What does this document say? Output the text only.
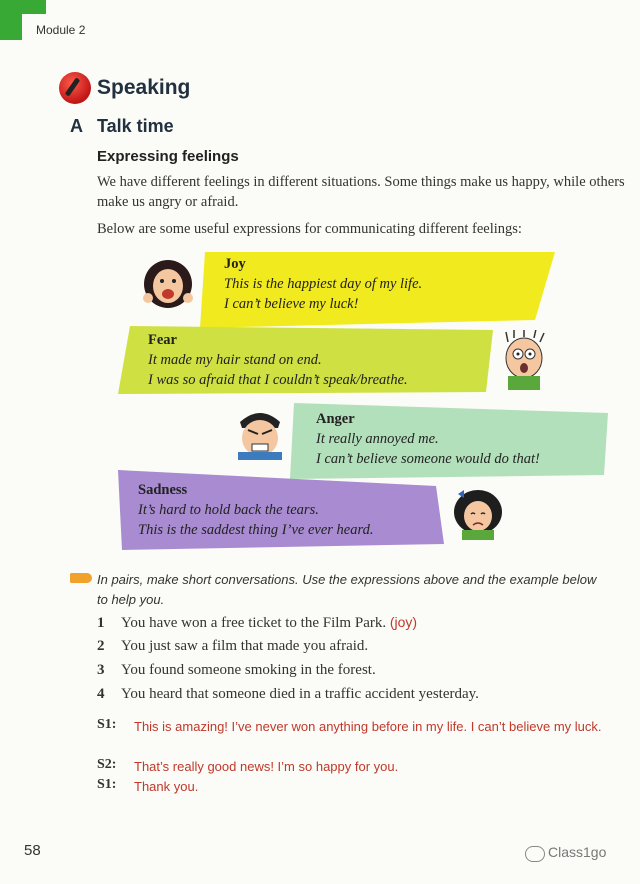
Module 2
Speaking
A Talk time
Expressing feelings
We have different feelings in different situations. Some things make us happy, while others make us angry or afraid.
Below are some useful expressions for communicating different feelings:
Joy
This is the happiest day of my life.
I can’t believe my luck!
Fear
It made my hair stand on end.
I was so afraid that I couldn’t speak/breathe.
Anger
It really annoyed me.
I can’t believe someone would do that!
Sadness
It’s hard to hold back the tears.
This is the saddest thing I’ve ever heard.
In pairs, make short conversations. Use the expressions above and the example below to help you.
1 You have won a free ticket to the Film Park. (joy)
2 You just saw a film that made you afraid.
3 You found someone smoking in the forest.
4 You heard that someone died in a traffic accident yesterday.
S1: This is amazing! I’ve never won anything before in my life. I can’t believe my luck.
S2: That’s really good news! I’m so happy for you.
S1: Thank you.
58	Class1go
